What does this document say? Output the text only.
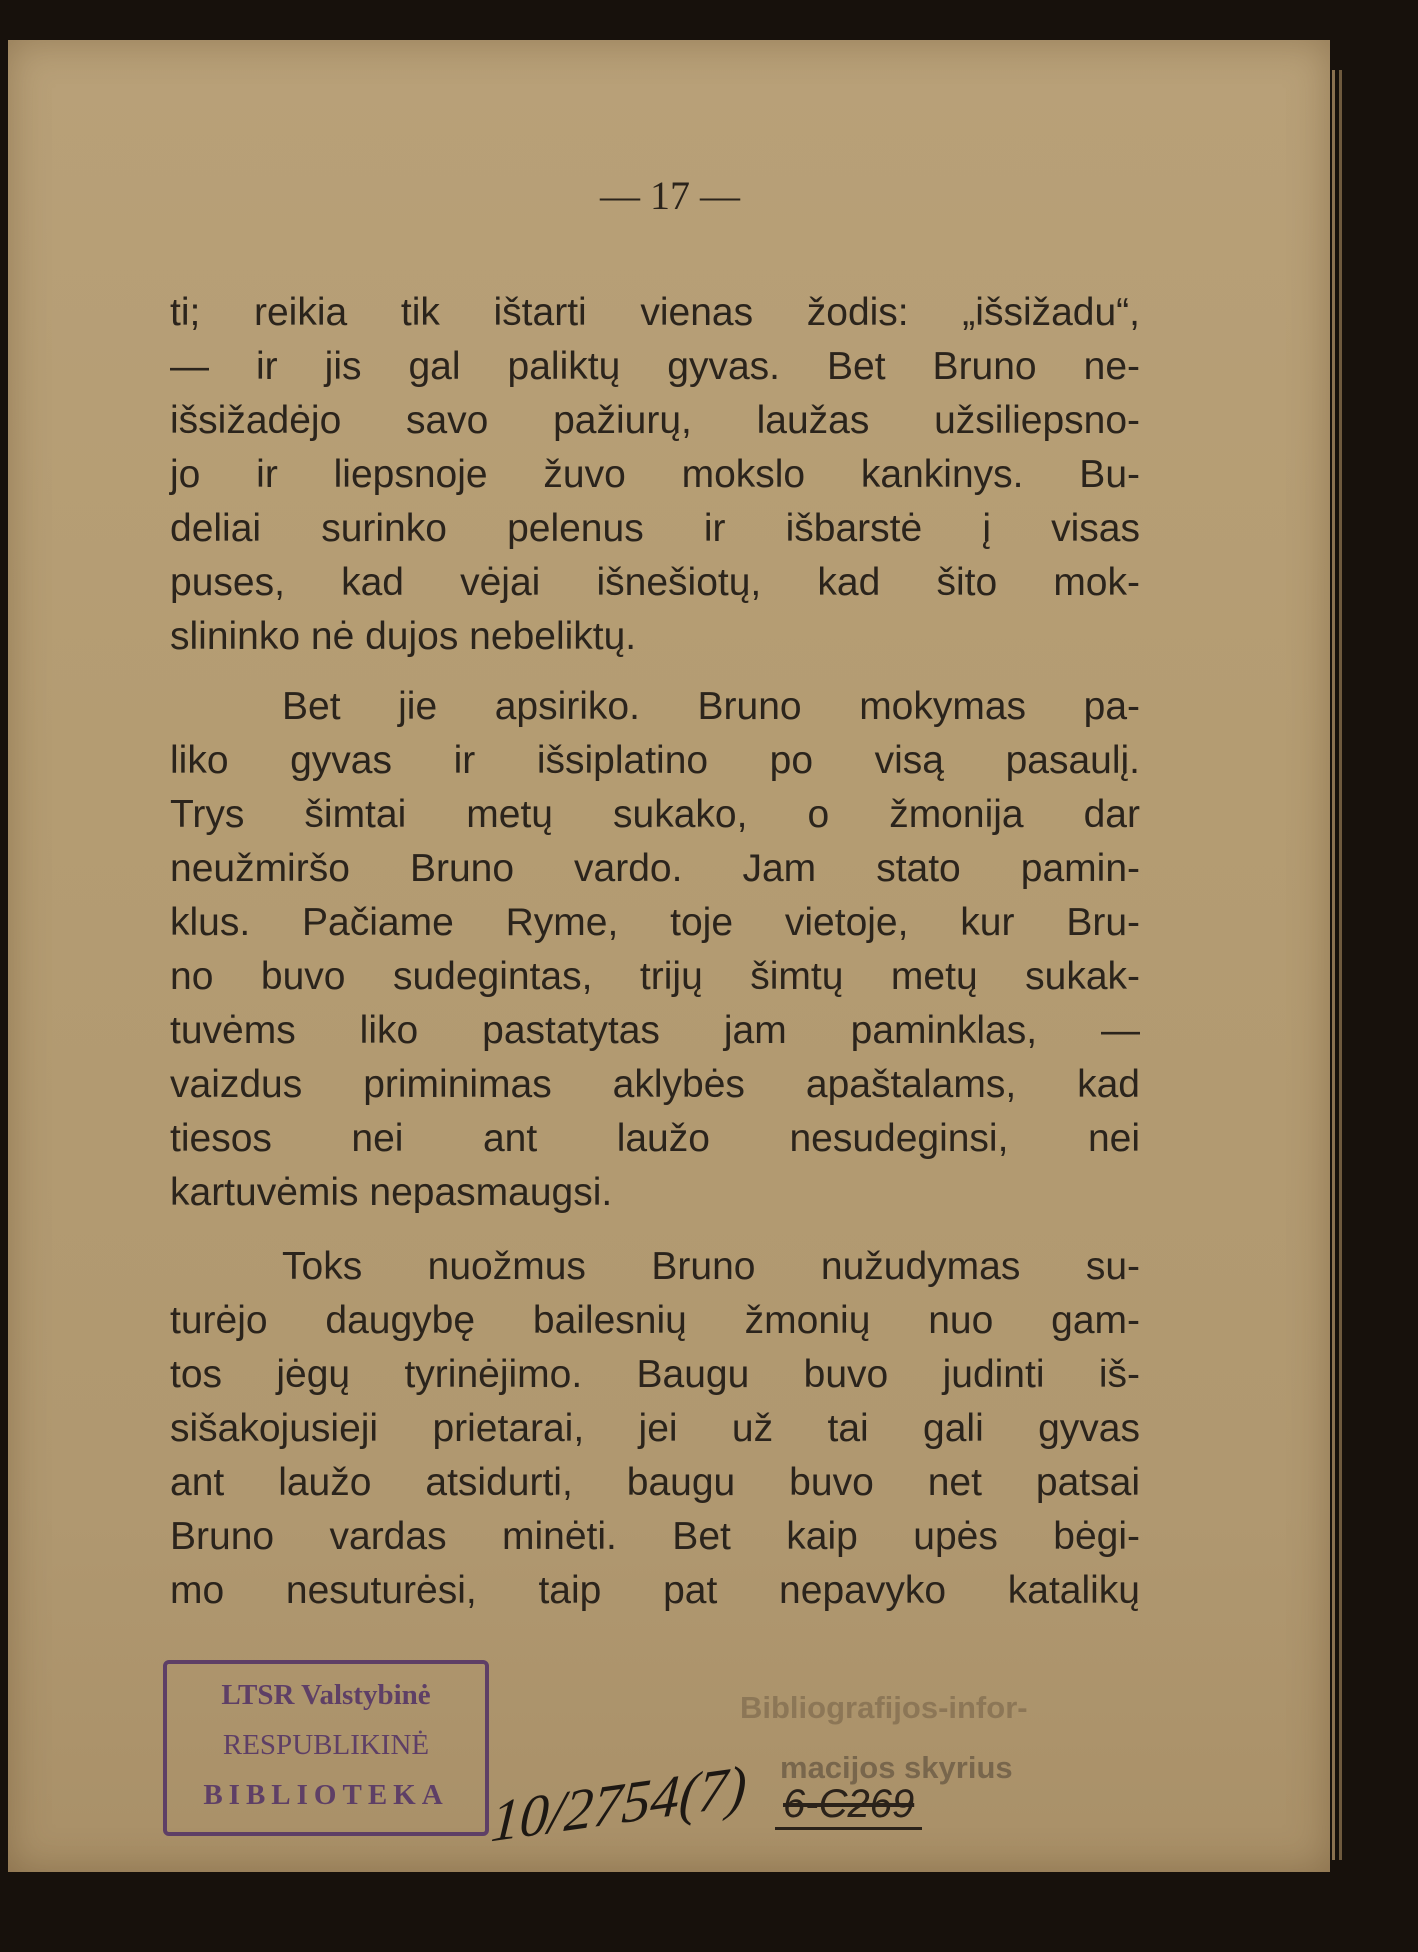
— 17 —
ti; reikia tik ištarti vienas žodis: „išsižadu“,
— ir jis gal paliktų gyvas. Bet Bruno ne-
išsižadėjo savo pažiurų, laužas užsiliepsno-
jo ir liepsnoje žuvo mokslo kankinys. Bu-
deliai surinko pelenus ir išbarstė į visas
puses, kad vėjai išnešiotų, kad šito mok-
slininko nė dujos nebeliktų.
Bet jie apsiriko. Bruno mokymas pa-
liko gyvas ir išsiplatino po visą pasaulį.
Trys šimtai metų sukako, o žmonija dar
neužmiršo Bruno vardo. Jam stato pamin-
klus. Pačiame Ryme, toje vietoje, kur Bru-
no buvo sudegintas, trijų šimtų metų sukak-
tuvėms liko pastatytas jam paminklas, —
vaizdus priminimas aklybės apaštalams, kad
tiesos nei ant laužo nesudeginsi, nei
kartuvėmis nepasmaugsi.
Toks nuožmus Bruno nužudymas su-
turėjo daugybę bailesnių žmonių nuo gam-
tos jėgų tyrinėjimo. Baugu buvo judinti iš-
sišakojusieji prietarai, jei už tai gali gyvas
ant laužo atsidurti, baugu buvo net patsai
Bruno vardas minėti. Bet kaip upės bėgi-
mo nesuturėsi, taip pat nepavyko katalikų
LTSR Valstybinė
RESPUBLIKINĖ
BIBLIOTEKA
Bibliografijos-infor-
macijos skyrius
10/2754(7) 6-C269
